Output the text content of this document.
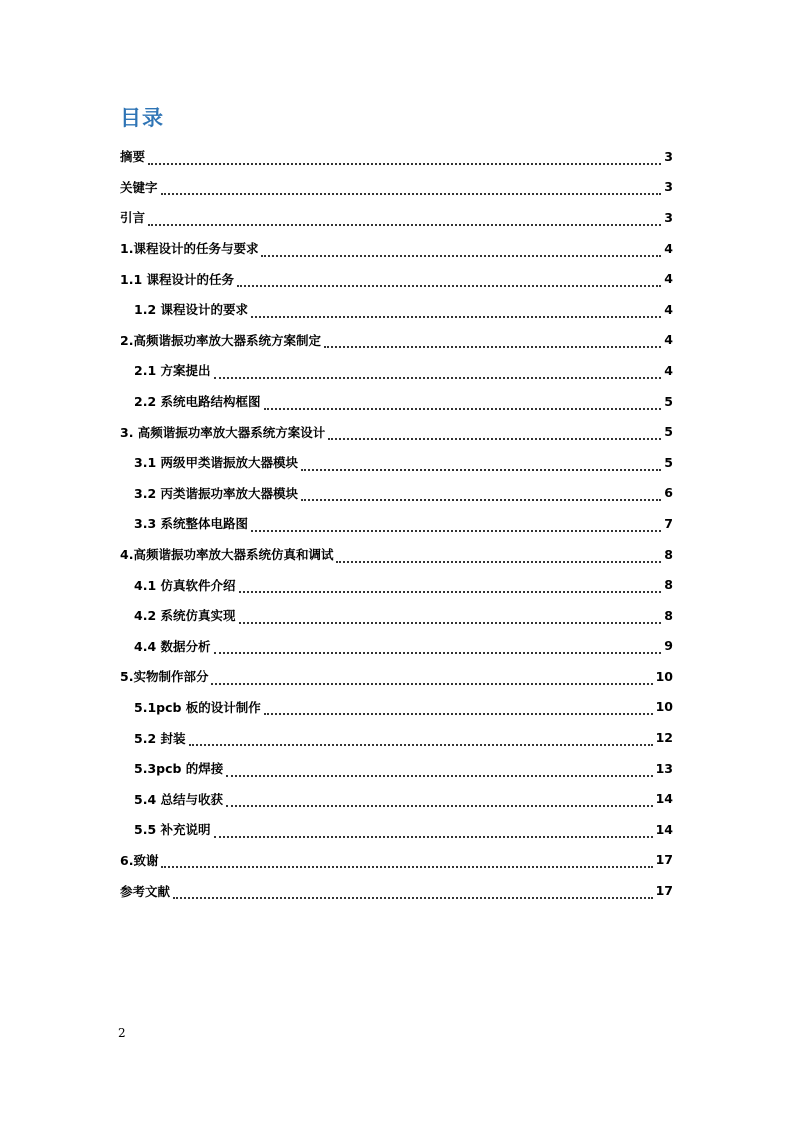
目录
摘要	3
关键字	3
引言	3
1.课程设计的任务与要求	4
1.1 课程设计的任务	4
1.2 课程设计的要求	4
2.高频谐振功率放大器系统方案制定	4
2.1 方案提出	4
2.2 系统电路结构框图	5
3. 高频谐振功率放大器系统方案设计	5
3.1 两级甲类谐振放大器模块	5
3.2 丙类谐振功率放大器模块	6
3.3 系统整体电路图	7
4.高频谐振功率放大器系统仿真和调试	8
4.1 仿真软件介绍	8
4.2 系统仿真实现	8
4.4 数据分析	9
5.实物制作部分	10
5.1pcb 板的设计制作	10
5.2 封装	12
5.3pcb 的焊接	13
5.4 总结与收获	14
5.5 补充说明	14
6.致谢	17
参考文献	17
2
